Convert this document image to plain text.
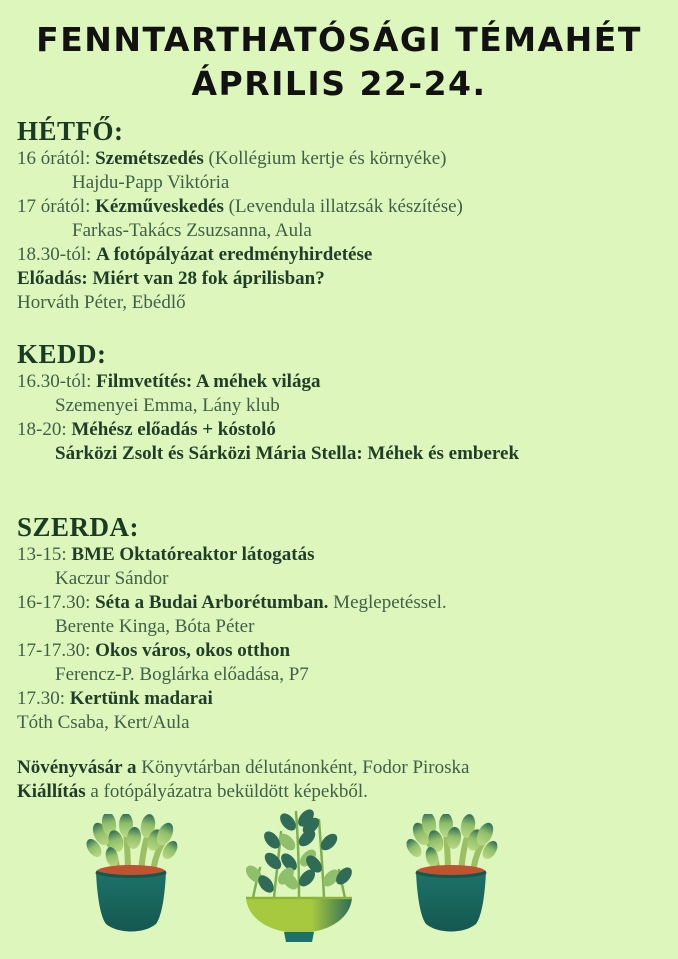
FENNTARTHATÓSÁGI TÉMAHÉT
ÁPRILIS 22-24.
HÉTFŐ:
16 órától: Szemétszedés (Kollégium kertje és környéke)
Hajdu-Papp Viktória
17 órától: Kézműveskedés (Levendula illatzsák készítése)
Farkas-Takács Zsuzsanna, Aula
18.30-tól: A fotópályázat eredményhirdetése
Előadás: Miért van 28 fok áprilisban?
Horváth Péter, Ebédlő
KEDD:
16.30-tól: Filmvetítés: A méhek világa
Szemenyei Emma, Lány klub
18-20: Méhész előadás + kóstoló
Sárközi Zsolt és Sárközi Mária Stella: Méhek és emberek
SZERDA:
13-15: BME Oktatóreaktor látogatás
Kaczur Sándor
16-17.30: Séta a Budai Arborétumban. Meglepetéssel.
Berente Kinga, Bóta Péter
17-17.30: Okos város, okos otthon
Ferencz-P. Boglárka előadása, P7
17.30: Kertünk madarai
Tóth Csaba, Kert/Aula
Növényvásár a Könyvtárban délutánonként, Fodor Piroska
Kiállítás a fotópályázatra beküldött képekből.
